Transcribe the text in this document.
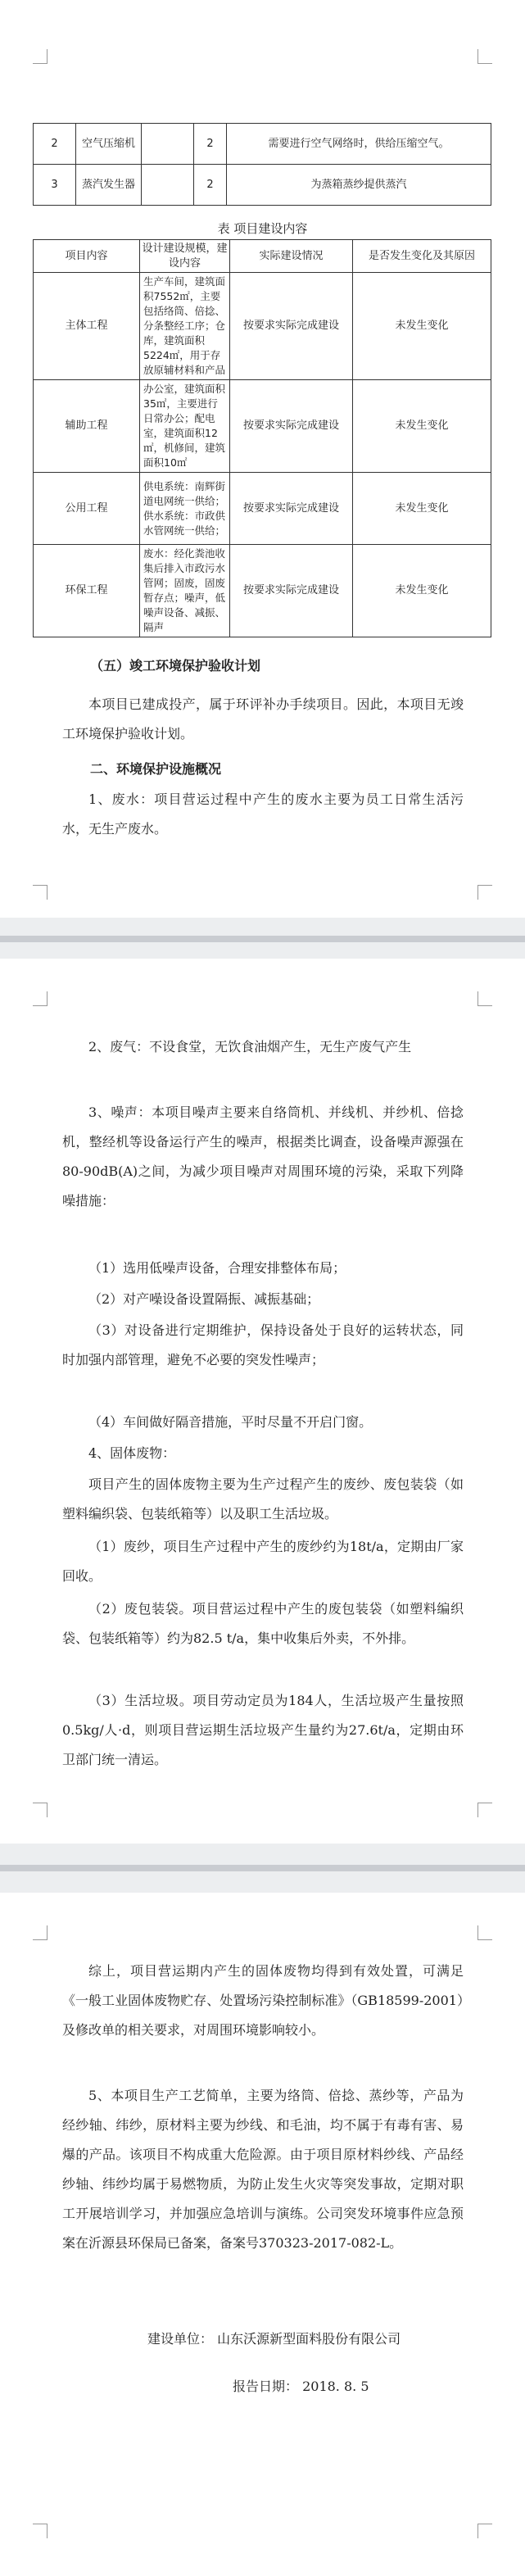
2	空气压缩机		2	需要进行空气网络时，供给压缩空气。
3	蒸汽发生器		2	为蒸箱蒸纱提供蒸汽
表 项目建设内容
项目内容	设计建设规模，建设内容	实际建设情况	是否发生变化及其原因
主体工程	生产车间，建筑面积7552㎡，主要包括络筒、倍捻、分条整经工序；仓库，建筑面积5224㎡，用于存放原辅材料和产品	按要求实际完成建设	未发生变化
辅助工程	办公室，建筑面积35㎡，主要进行日常办公；配电室，建筑面积12㎡，机修间，建筑面积10㎡	按要求实际完成建设	未发生变化
公用工程	供电系统：南辉街道电网统一供给；供水系统：市政供水管网统一供给；	按要求实际完成建设	未发生变化
环保工程	废水：经化粪池收集后排入市政污水管网；固废，固废暂存点；噪声，低噪声设备、减振、隔声	按要求实际完成建设	未发生变化
（五）竣工环境保护验收计划
本项目已建成投产，属于环评补办手续项目。因此，本项目无竣工环境保护验收计划。
二、环境保护设施概况
1、废水：项目营运过程中产生的废水主要为员工日常生活污水，无生产废水。
2、废气：不设食堂，无饮食油烟产生，无生产废气产生
3、噪声：本项目噪声主要来自络筒机、并线机、并纱机、倍捻机，整经机等设备运行产生的噪声，根据类比调查，设备噪声源强在80-90dB(A)之间，为减少项目噪声对周围环境的污染，采取下列降噪措施：
（1）选用低噪声设备，合理安排整体布局；
（2）对产噪设备设置隔振、减振基础；
（3）对设备进行定期维护，保持设备处于良好的运转状态，同时加强内部管理，避免不必要的突发性噪声；
（4）车间做好隔音措施，平时尽量不开启门窗。
4、固体废物：
项目产生的固体废物主要为生产过程产生的废纱、废包装袋（如塑料编织袋、包装纸箱等）以及职工生活垃圾。
（1）废纱，项目生产过程中产生的废纱约为18t/a，定期由厂家回收。
（2）废包装袋。项目营运过程中产生的废包装袋（如塑料编织袋、包装纸箱等）约为82.5 t/a，集中收集后外卖，不外排。
（3）生活垃圾。项目劳动定员为184人，生活垃圾产生量按照0.5kg/人·d，则项目营运期生活垃圾产生量约为27.6t/a，定期由环卫部门统一清运。
综上，项目营运期内产生的固体废物均得到有效处置，可满足《一般工业固体废物贮存、处置场污染控制标准》（GB18599-2001）及修改单的相关要求，对周围环境影响较小。
5、本项目生产工艺简单，主要为络筒、倍捻、蒸纱等，产品为经纱轴、纬纱，原材料主要为纱线、和毛油，均不属于有毒有害、易爆的产品。该项目不构成重大危险源。由于项目原材料纱线、产品经纱轴、纬纱均属于易燃物质，为防止发生火灾等突发事故，定期对职工开展培训学习，并加强应急培训与演练。公司突发环境事件应急预案在沂源县环保局已备案，备案号370323-2017-082-L。
建设单位： 山东沃源新型面料股份有限公司
报告日期： 2018. 8. 5
